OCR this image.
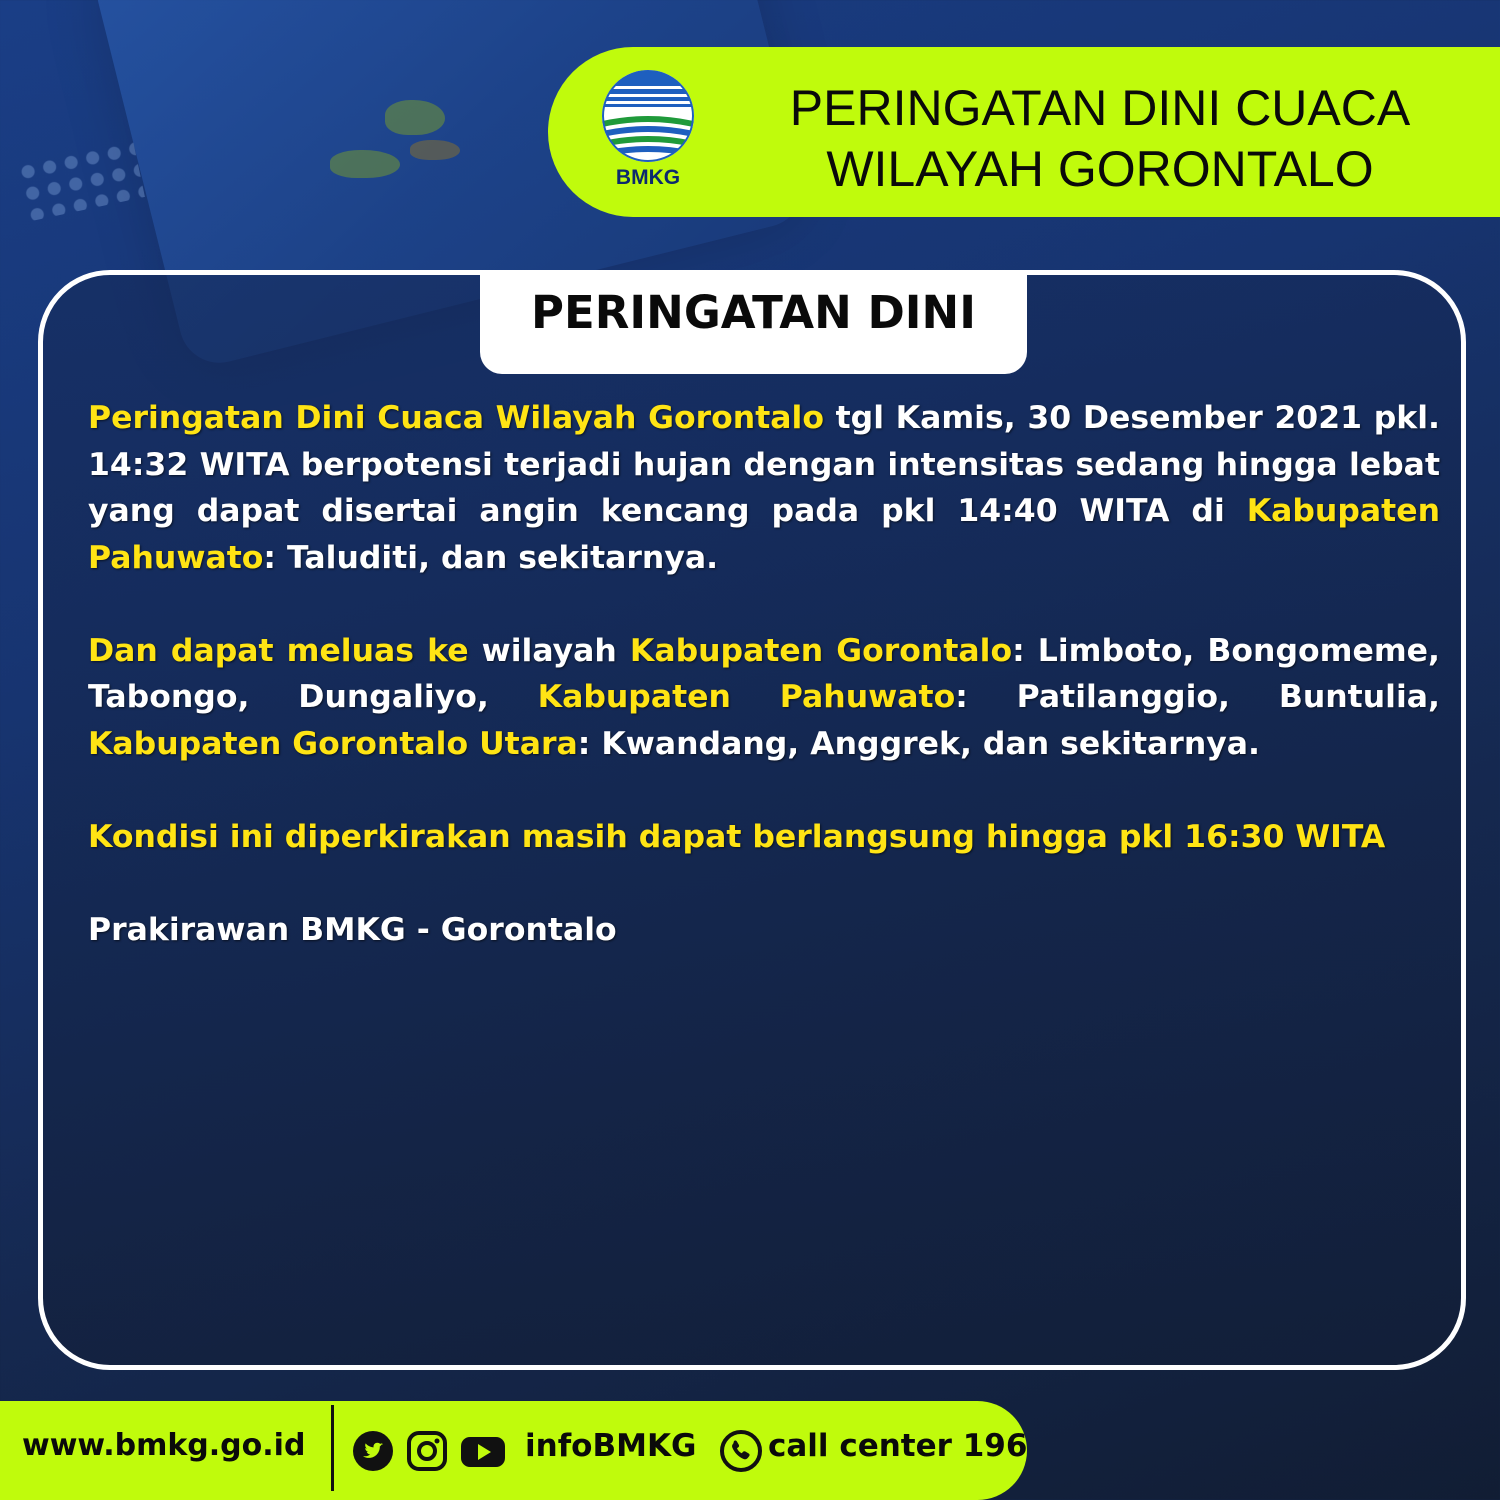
BMKG
PERINGATAN DINI CUACA
WILAYAH GORONTALO
PERINGATAN DINI

Peringatan Dini Cuaca Wilayah Gorontalo tgl Kamis, 30 Desember 2021 pkl. 14:32 WITA berpotensi terjadi hujan dengan intensitas sedang hingga lebat yang dapat disertai angin kencang pada pkl 14:40 WITA di Kabupaten Pahuwato: Taluditi, dan sekitarnya.

Dan dapat meluas ke wilayah Kabupaten Gorontalo: Limboto, Bongomeme, Tabongo, Dungaliyo, Kabupaten Pahuwato: Patilanggio, Buntulia, Kabupaten Gorontalo Utara: Kwandang, Anggrek, dan sekitarnya.

Kondisi ini diperkirakan masih dapat berlangsung hingga pkl 16:30 WITA

Prakirawan BMKG - Gorontalo

www.bmkg.go.id	infoBMKG call center 196
